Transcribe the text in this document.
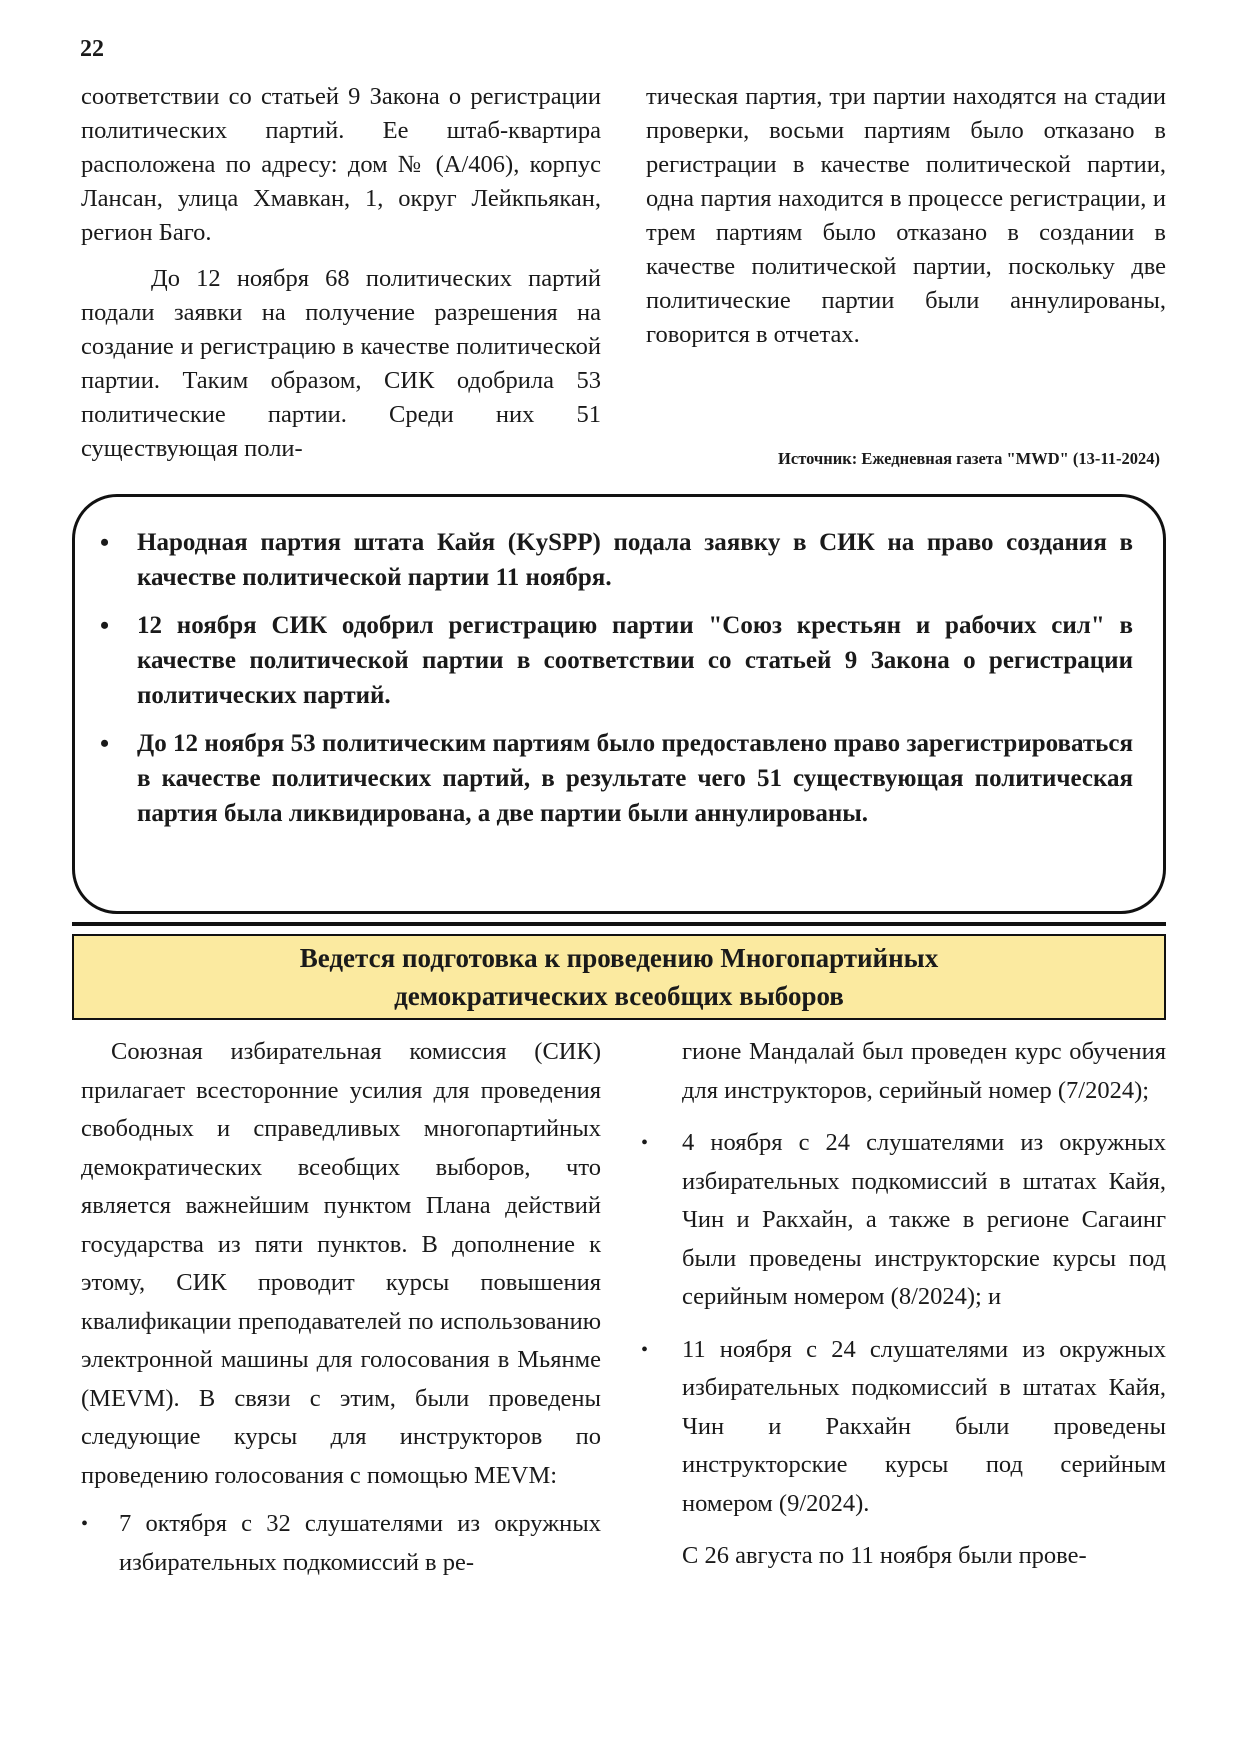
22

соответствии со статьей 9 Закона о регистрации политических партий. Ее штаб-квартира расположена по адресу: дом № (А/406), корпус Лансан, улица Хмавкан, 1, округ Лейкпьякан, регион Баго.

До 12 ноября 68 политических партий подали заявки на получение разрешения на создание и регистрацию в качестве политической партии. Таким образом, СИК одобрила 53 политические партии. Среди них 51 существующая поли-

тическая партия, три партии находятся на стадии проверки, восьми партиям было отказано в регистрации в качестве политической партии, одна партия находится в процессе регистрации, и трем партиям было отказано в создании в качестве политической партии, поскольку две политические партии были аннулированы, говорится в отчетах.

Источник: Ежедневная газета "MWD" (13-11-2024)
• Народная партия штата Кайя (KySPP) подала заявку в СИК на право создания в качестве политической партии 11 ноября.
• 12 ноября СИК одобрил регистрацию партии "Союз крестьян и рабочих сил" в качестве политической партии в соответствии со статьей 9 Закона о регистрации политических партий.
• До 12 ноября 53 политическим партиям было предоставлено право зарегистрироваться в качестве политических партий, в результате чего 51 существующая политическая партия была ликвидирована, а две партии были аннулированы.
Ведется подготовка к проведению Многопартийных
демократических всеобщих выборов

Союзная избирательная комиссия (СИК) прилагает всесторонние усилия для проведения свободных и справедливых многопартийных демократических всеобщих выборов, что является важнейшим пунктом Плана действий государства из пяти пунктов. В дополнение к этому, СИК проводит курсы повышения квалификации преподавателей по использованию электронной машины для голосования в Мьянме (MEVM). В связи с этим, были проведены следующие курсы для инструкторов по проведению голосования с помощью MEVM:

• 7 октября с 32 слушателями из окружных избирательных подкомиссий в ре-
гионе Мандалай был проведен курс обучения для инструкторов, серийный номер (7/2024);
• 4 ноября с 24 слушателями из окружных избирательных подкомиссий в штатах Кайя, Чин и Ракхайн, а также в регионе Сагаинг были проведены инструкторские курсы под серийным номером (8/2024); и
• 11 ноября с 24 слушателями из окружных избирательных подкомиссий в штатах Кайя, Чин и Ракхайн были проведены инструкторские курсы под серийным номером (9/2024).

С 26 августа по 11 ноября были прове-
